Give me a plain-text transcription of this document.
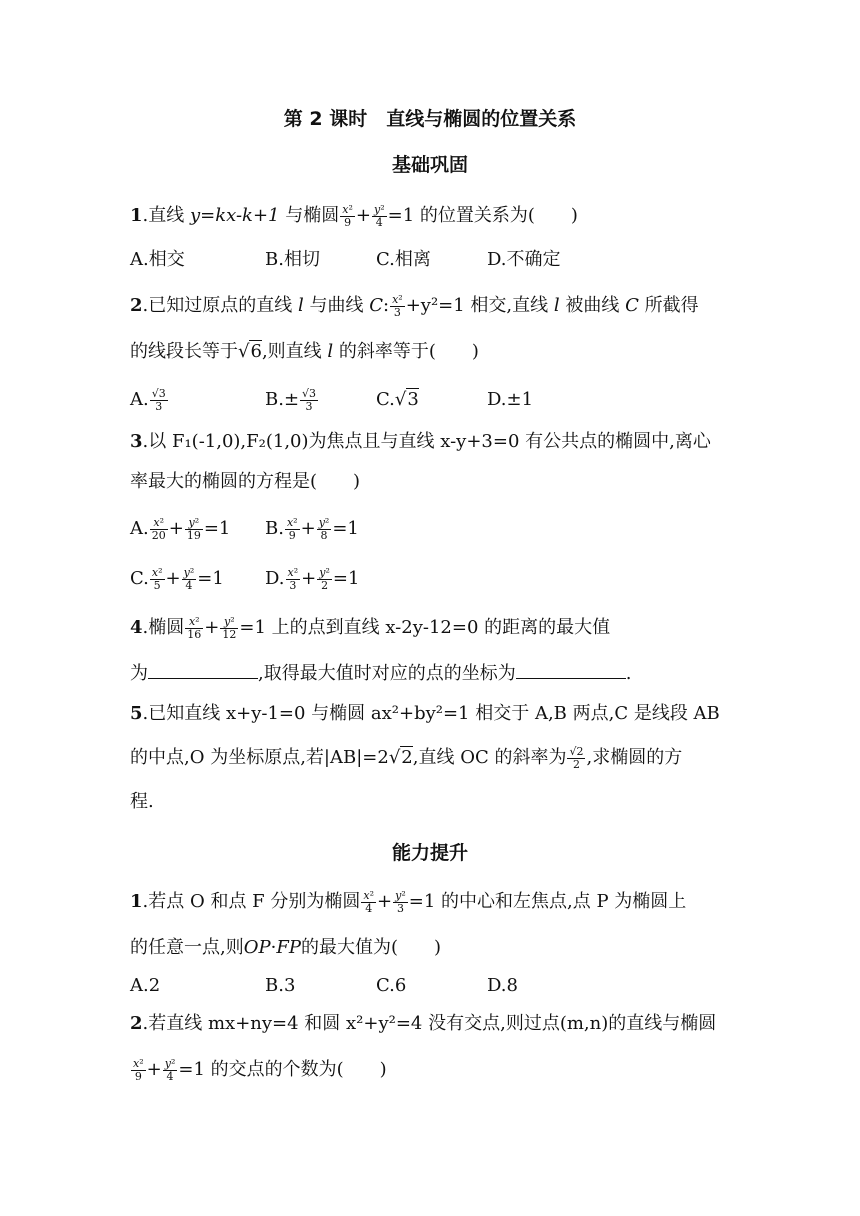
第 2 课时　直线与椭圆的位置关系
基础巩固
1.直线 y=kx-k+1 与椭圆 $\frac{\text{x²}}{9} + \frac{\text{y²}}{4} =1$ 的位置关系为(　　)
A.相交	B.相切	C.相离	D.不确定
2.已知过原点的直线 l 与曲线 C: $\frac{\text{x²}}{3} +y^2=1$ 相交,直线 l 被曲线 C 所截得
的线段长等于√6,则直线 l 的斜率等于(　　)
A. $\frac{√3}{3}$	$B.\pm \frac{√3}{3}$	C.√3	D.±1
3.以 F₁(-1,0),F₂(1,0)为焦点且与直线 x-y+3=0 有公共点的椭圆中,离心
率最大的椭圆的方程是(　　)
A. $\frac{\text{x²}}{20} + \frac{\text{y²}}{19} =1$ B. $\frac{\text{x²}}{9} + \frac{\text{y²}}{8} =1$
C. $\frac{\text{x²}}{5} + \frac{\text{y²}}{4} =1$ D. $\frac{\text{x²}}{3} + \frac{\text{y²}}{2} =1$
4.椭圆 $\frac{\text{x²}}{16} + \frac{\text{y²}}{12} =1$ 上的点到直线 x-2y-12=0 的距离的最大值
为	,取得最大值时对应的点的坐标为	.
5.已知直线 x+y-1=0 与椭圆 ax²+by²=1 相交于 A,B 两点,C 是线段 AB
的中点,O 为坐标原点,若|AB|=2√2,直线 OC 的斜率为 $\frac{√2}{2}$ ,求椭圆的方
程.
能力提升
1.若点 O 和点 F 分别为椭圆 $\frac{\text{x²}}{4} + \frac{\text{y²}}{3} =1$ 的中心和左焦点,点 P 为椭圆上
的任意一点,则OP·FP的最大值为(　　)
A.2	B.3	C.6	D.8
2.若直线 mx+ny=4 和圆 x²+y²=4 没有交点,则过点(m,n)的直线与椭圆
$\frac{\text{x²}}{9} + \frac{\text{y²}}{4} =1$ 的交点的个数为(　　)
